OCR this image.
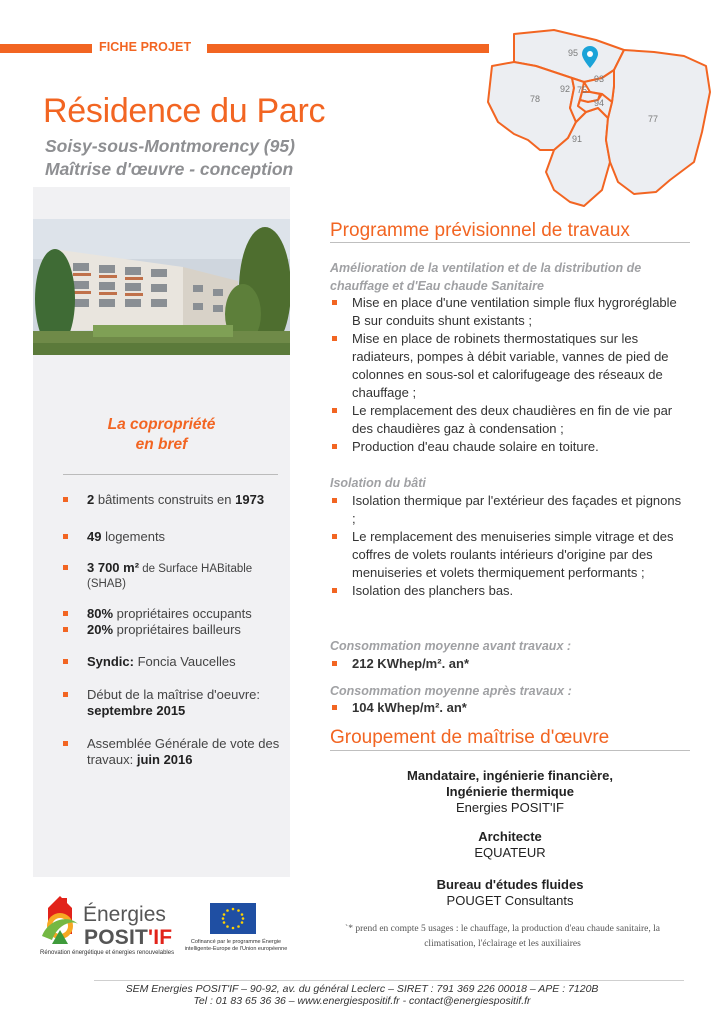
FICHE PROJET
Résidence du Parc
Soisy-sous-Montmorency (95)
Maîtrise d'œuvre - conception
95
93
92 75
94
78
91
77
La copropriété
en bref
2 bâtiments construits en 1973
49 logements
3 700 m² de Surface HABitable (SHAB)
80% propriétaires occupants
20% propriétaires bailleurs
Syndic: Foncia Vaucelles
Début de la maîtrise d'oeuvre:
septembre 2015
Assemblée Générale de vote des travaux: juin 2016
Programme prévisionnel de travaux
Amélioration de la ventilation et de la distribution de chauffage et d'Eau chaude Sanitaire
Mise en place d'une ventilation simple flux hygroréglable B sur conduits shunt existants ;
Mise en place de robinets thermostatiques sur les radiateurs, pompes à débit variable, vannes de pied de colonnes en sous-sol et calorifugeage des réseaux de chauffage ;
Le remplacement des deux chaudières en fin de vie par des chaudières gaz à condensation ;
Production d'eau chaude solaire en toiture.
Isolation du bâti
Isolation thermique par l'extérieur des façades et pignons ;
Le remplacement des menuiseries simple vitrage et des coffres de volets roulants intérieurs d'origine par des menuiseries et volets thermiquement performants ;
Isolation des planchers bas.
Consommation moyenne avant travaux :
212 KWhep/m². an*
Consommation moyenne après travaux :
104 kWhep/m². an*
Groupement de maîtrise d'œuvre
Mandataire, ingénierie financière,
Ingénierie thermique
Energies POSIT'IF
Architecte
EQUATEUR
Bureau d'études fluides
POUGET Consultants
`* prend en compte 5 usages : le chauffage, la production d'eau chaude sanitaire, la
climatisation, l'éclairage et les auxiliaires
Énergies
POSIT'IF
Rénovation énergétique et énergies renouvelables
Cofinancé par le programme Énergie intelligente-Europe de l'Union européenne
SEM Energies POSIT'IF – 90-92, av. du général Leclerc – SIRET : 791 369 226 00018 – APE : 7120B
Tel : 01 83 65 36 36 – www.energiespositif.fr - contact@energiespositif.fr
